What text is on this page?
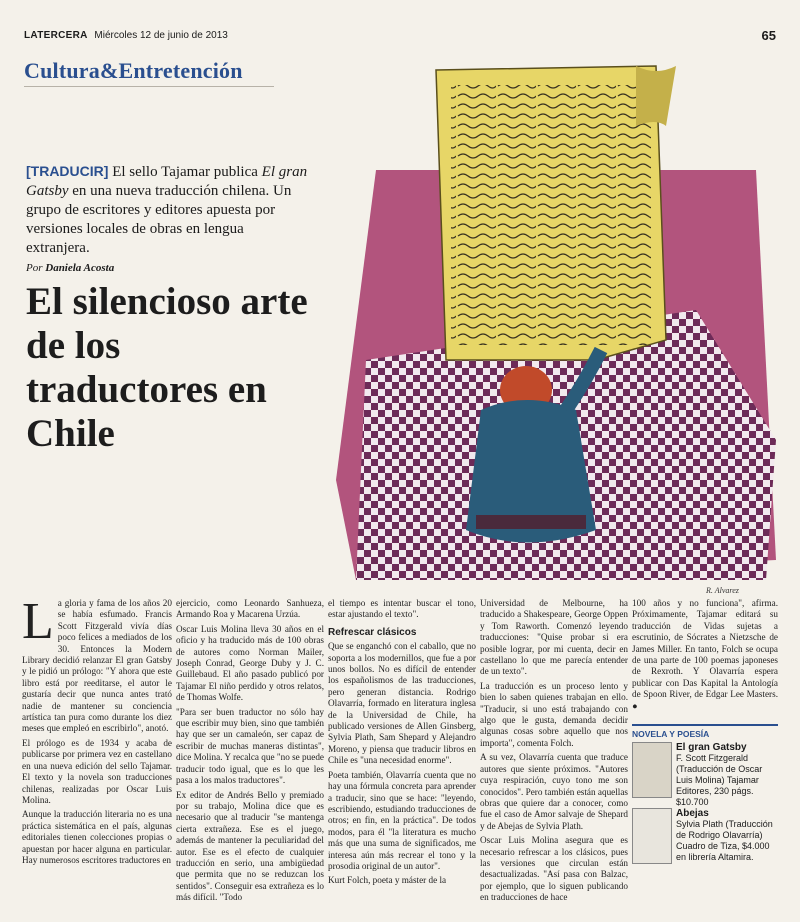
LATERCERA Miércoles 12 de junio de 2013	65
Cultura&Entretención
[TRADUCIR] El sello Tajamar publica El gran Gatsby en una nueva traducción chilena. Un grupo de escritores y editores apuesta por versiones locales de obras en lengua extranjera.
Por Daniela Acosta
El silencioso arte de los traductores en Chile
R. Alvarez
L a gloria y fama de los años 20 se había esfumado. Francis Scott Fitzgerald vivía días poco felices a mediados de los 30. Entonces la Modern Library decidió relanzar El gran Gatsby y le pidió un prólogo: "Y ahora que este libro está por reeditarse, el autor le gustaría decir que nunca antes trató nadie de mantener su conciencia artística tan pura como durante los diez meses que empleó en escribirlo", anotó.

El prólogo es de 1934 y acaba de publicarse por primera vez en castellano en una nueva edición del sello Tajamar. El texto y la novela son traducciones chilenas, realizadas por Oscar Luis Molina.

Aunque la traducción literaria no es una práctica sistemática en el país, algunas editoriales tienen colecciones propias o apuestan por hacer alguna en particular. Hay numerosos escritores traductores en

ejercicio, como Leonardo Sanhueza, Armando Roa y Macarena Urzúa.

Oscar Luis Molina lleva 30 años en el oficio y ha traducido más de 100 obras de autores como Norman Mailer, Joseph Conrad, George Duby y J. C. Guillebaud. El año pasado publicó por Tajamar El niño perdido y otros relatos, de Thomas Wolfe.

"Para ser buen traductor no sólo hay que escribir muy bien, sino que también hay que ser un camaleón, ser capaz de escribir de muchas maneras distintas", dice Molina. Y recalca que "no se puede traducir todo igual, que es lo que les pasa a los malos traductores".

Ex editor de Andrés Bello y premiado por su trabajo, Molina dice que es necesario que al traducir "se mantenga cierta extrañeza. Ese es el juego, además de mantener la peculiaridad del autor. Ese es el efecto de cualquier traducción en serio, una ambigüedad que permita que no se reduzcan los sentidos". Conseguir esa extrañeza es lo más difícil. "Todo

el tiempo es intentar buscar el tono, estar ajustando el texto".

Refrescar clásicos

Que se enganchó con el caballo, que no soporta a los modernillos, que fue a por unos bollos. No es difícil de entender los españolismos de las traducciones, pero generan distancia. Rodrigo Olavarría, formado en literatura inglesa de la Universidad de Chile, ha publicado versiones de Allen Ginsberg, Sylvia Plath, Sam Shepard y Alejandro Moreno, y piensa que traducir libros en Chile es "una necesidad enorme".

Poeta también, Olavarría cuenta que no hay una fórmula concreta para aprender a traducir, sino que se hace: "leyendo, escribiendo, estudiando traducciones de otros; en fin, en la práctica". De todos modos, para él "la literatura es mucho más que una suma de significados, me interesa aún más recrear el tono y la prosodia original de un autor".

Kurt Folch, poeta y máster de la

Universidad de Melbourne, ha traducido a Shakespeare, George Oppen y Tom Raworth. Comenzó leyendo traducciones: "Quise probar si era posible lograr, por mi cuenta, decir en castellano lo que me parecía entender de un texto".

La traducción es un proceso lento y bien lo saben quienes trabajan en ello. "Traducir, si uno está trabajando con algo que le gusta, demanda decidir algunas cosas sobre aquello que nos importa", comenta Folch.

A su vez, Olavarría cuenta que traduce autores que siente próximos. "Autores cuya respiración, cuyo tono me son conocidos". Pero también están aquellas obras que quiere dar a conocer, como fue el caso de Amor salvaje de Shepard y de Abejas de Sylvia Plath.

Oscar Luis Molina asegura que es necesario refrescar a los clásicos, pues las versiones que circulan están desactualizadas. "Así pasa con Balzac, por ejemplo, que lo siguen publicando en traducciones de hace

100 años y no funciona", afirma. Próximamente, Tajamar editará su traducción de Vidas sujetas a escrutinio, de Sócrates a Nietzsche de James Miller. En tanto, Folch se ocupa de una parte de 100 poemas japoneses de Rexroth. Y Olavarría espera publicar con Das Kapital la Antología de Spoon River, de Edgar Lee Masters. ●

NOVELA Y POESÍA
El gran Gatsby
F. Scott Fitzgerald (Traducción de Oscar Luis Molina) Tajamar Editores, 230 págs. $10.700
Abejas
Sylvia Plath (Traducción de Rodrigo Olavarría) Cuadro de Tiza, $4.000 en librería Altamira.
